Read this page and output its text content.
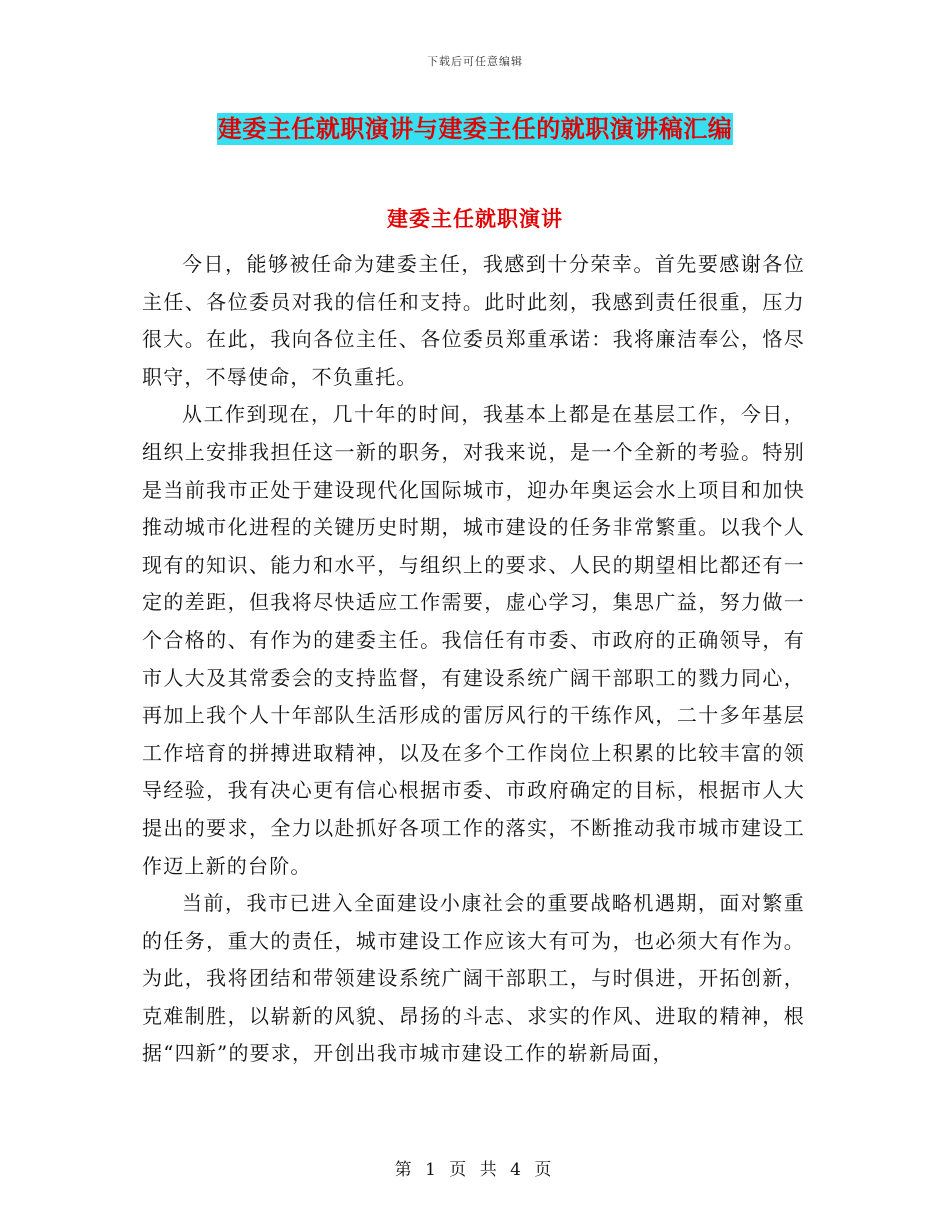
下载后可任意编辑
建委主任就职演讲与建委主任的就职演讲稿汇编
建委主任就职演讲

今日，能够被任命为建委主任，我感到十分荣幸。首先要感谢各位主任、各位委员对我的信任和支持。此时此刻，我感到责任很重，压力很大。在此，我向各位主任、各位委员郑重承诺：我将廉洁奉公，恪尽职守，不辱使命，不负重托。

从工作到现在，几十年的时间，我基本上都是在基层工作，今日，组织上安排我担任这一新的职务，对我来说，是一个全新的考验。特别是当前我市正处于建设现代化国际城市，迎办年奥运会水上项目和加快推动城市化进程的关键历史时期，城市建设的任务非常繁重。以我个人现有的知识、能力和水平，与组织上的要求、人民的期望相比都还有一定的差距，但我将尽快适应工作需要，虚心学习，集思广益，努力做一个合格的、有作为的建委主任。我信任有市委、市政府的正确领导，有市人大及其常委会的支持监督，有建设系统广阔干部职工的戮力同心，再加上我个人十年部队生活形成的雷厉风行的干练作风，二十多年基层工作培育的拼搏进取精神，以及在多个工作岗位上积累的比较丰富的领导经验，我有决心更有信心根据市委、市政府确定的目标，根据市人大提出的要求，全力以赴抓好各项工作的落实，不断推动我市城市建设工作迈上新的台阶。

当前，我市已进入全面建设小康社会的重要战略机遇期，面对繁重的任务，重大的责任，城市建设工作应该大有可为，也必须大有作为。为此，我将团结和带领建设系统广阔干部职工，与时俱进，开拓创新，克难制胜，以崭新的风貌、昂扬的斗志、求实的作风、进取的精神，根据“四新”的要求，开创出我市城市建设工作的崭新局面，

第 1 页 共 4 页
